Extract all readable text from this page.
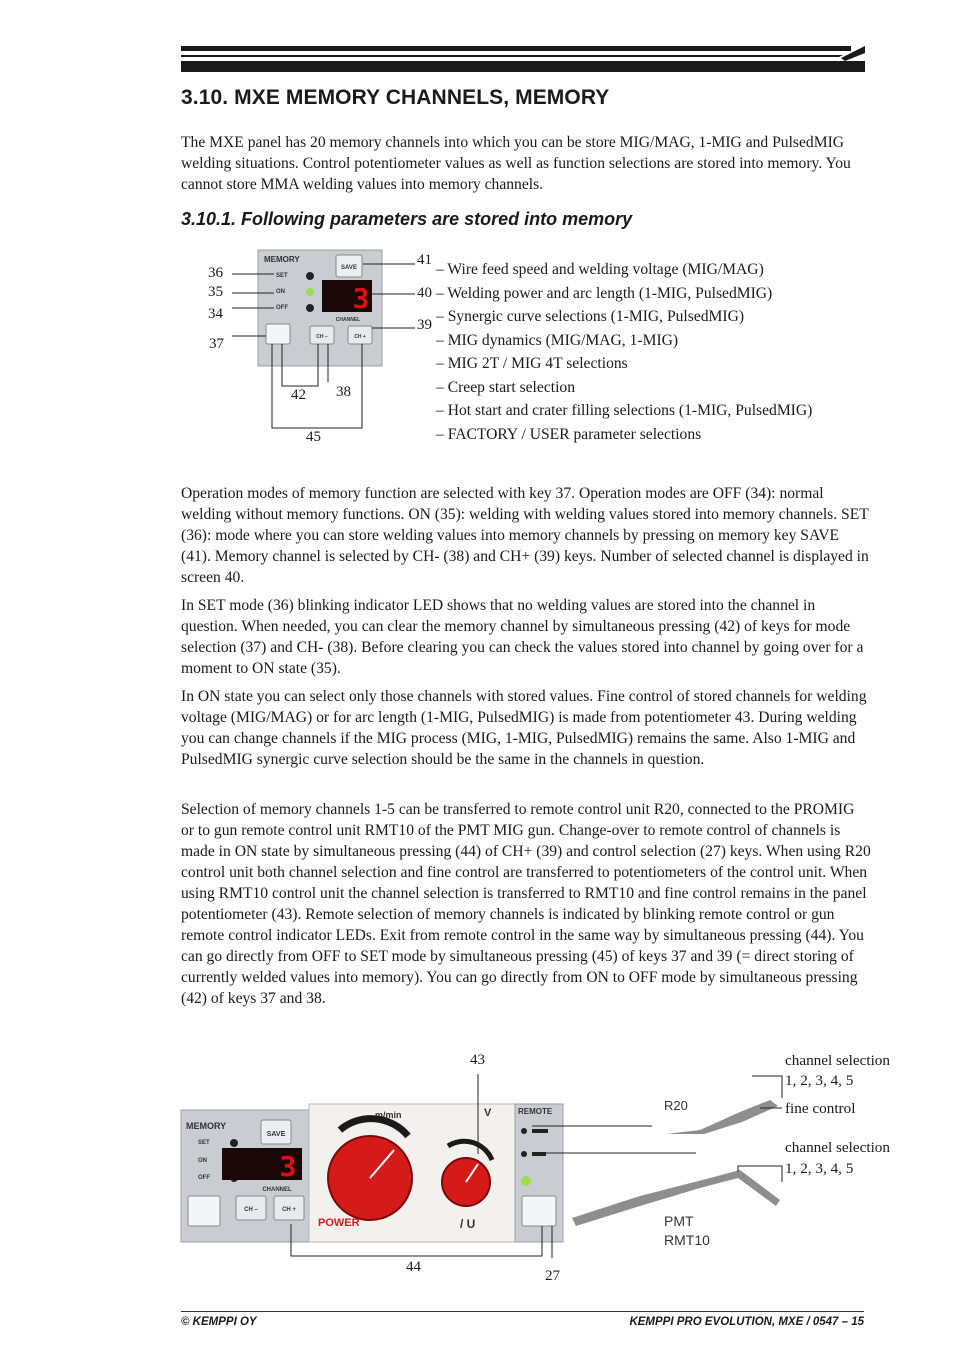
3.10. MXE MEMORY CHANNELS, MEMORY

The MXE panel has 20 memory channels into which you can be store MIG/MAG, 1-MIG and PulsedMIG welding situations. Control potentiometer values as well as function selections are stored into memory. You cannot store MMA welding values into memory channels.

3.10.1. Following parameters are stored into memory
MEMORY
SET
ON
OFF
SAVE
3
CHANNEL
CH –	CH +
36
35
34
37
41
40
39
42 38
45
– Wire feed speed and welding voltage (MIG/MAG)
– Welding power and arc length (1-MIG, PulsedMIG)
– Synergic curve selections (1-MIG, PulsedMIG)
– MIG dynamics (MIG/MAG, 1-MIG)
– MIG 2T / MIG 4T selections
– Creep start selection
– Hot start and crater filling selections (1-MIG, PulsedMIG)
– FACTORY / USER parameter selections

Operation modes of memory function are selected with key 37. Operation modes are OFF (34): normal welding without memory functions. ON (35): welding with welding values stored into memory channels. SET (36): mode where you can store welding values into memory channels by pressing on memory key SAVE (41). Memory channel is selected by CH- (38) and CH+ (39) keys. Number of selected channel is displayed in screen 40.

In SET mode (36) blinking indicator LED shows that no welding values are stored into the channel in question. When needed, you can clear the memory channel by simultaneous pressing (42) of keys for mode selection (37) and CH- (38). Before clearing you can check the values stored into channel by going over for a moment to ON state (35).

In ON state you can select only those channels with stored values. Fine control of stored channels for welding voltage (MIG/MAG) or for arc length (1-MIG, PulsedMIG) is made from potentiometer 43. During welding you can change channels if the MIG process (MIG, 1-MIG, PulsedMIG) remains the same. Also 1-MIG and PulsedMIG synergic curve selection should be the same in the channels in question.

Selection of memory channels 1-5 can be transferred to remote control unit R20, connected to the PROMIG or to gun remote control unit RMT10 of the PMT MIG gun. Change-over to remote control of channels is made in ON state by simultaneous pressing (44) of CH+ (39) and control selection (27) keys. When using R20 control unit both channel selection and fine control are transferred to potentiometers of the control unit. When using RMT10 control unit the channel selection is transferred to RMT10 and fine control remains in the panel potentiometer (43). Remote selection of memory channels is indicated by blinking remote control or gun remote control indicator LEDs. Exit from remote control in the same way by simultaneous pressing (44). You can go directly from OFF to SET mode by simultaneous pressing (45) of keys 37 and 39 (= direct storing of currently welded values into memory). You can go directly from ON to OFF mode by simultaneous pressing (42) of keys 37 and 38.

MEMORY
SET
ON
OFF
SAVE
3
CHANNEL
CH –	CH +
m/min	V
POWER	/ U
REMOTE	R20
PMT
RMT10
43
44
27
channel selection
1, 2, 3, 4, 5
fine control
channel selection
1, 2, 3, 4, 5
© KEMPPI OY	KEMPPI PRO EVOLUTION, MXE / 0547 – 15
